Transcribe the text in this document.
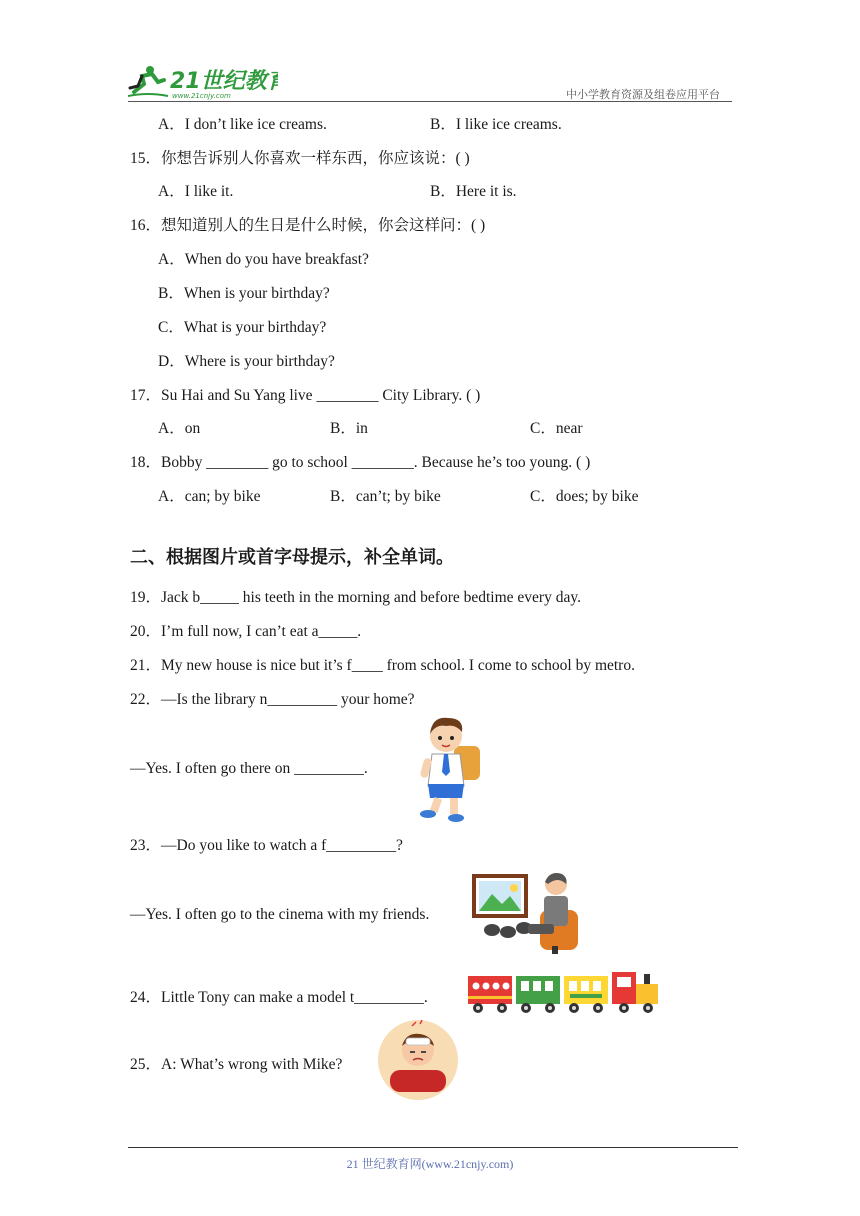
21世纪教育
www.21cnjy.com	中小学教育资源及组卷应用平台
A．I don’t like ice creams.	B．I like ice creams.
15．你想告诉别人你喜欢一样东西，你应该说：( )
A．I like it.	B．Here it is.
16．想知道别人的生日是什么时候，你会这样问：( )
A．When do you have breakfast?
B．When is your birthday?
C．What is your birthday?
D．Where is your birthday?
17．Su Hai and Su Yang live ________ City Library. ( )
A．on	B．in	C．near
18．Bobby ________ go to school ________. Because he’s too young. ( )
A．can; by bike	B．can’t; by bike	C．does; by bike
二、根据图片或首字母提示，补全单词。
19．Jack b_____ his teeth in the morning and before bedtime every day.
20．I’m full now, I can’t eat a_____.
21．My new house is nice but it’s f____ from school. I come to school by metro.
22．—Is the library n_________ your home?
—Yes. I often go there on _________.
23．—Do you like to watch a f_________?
—Yes. I often go to the cinema with my friends.
24．Little Tony can make a model t_________.
25．A: What’s wrong with Mike?
21 世纪教育网(www.21cnjy.com)
